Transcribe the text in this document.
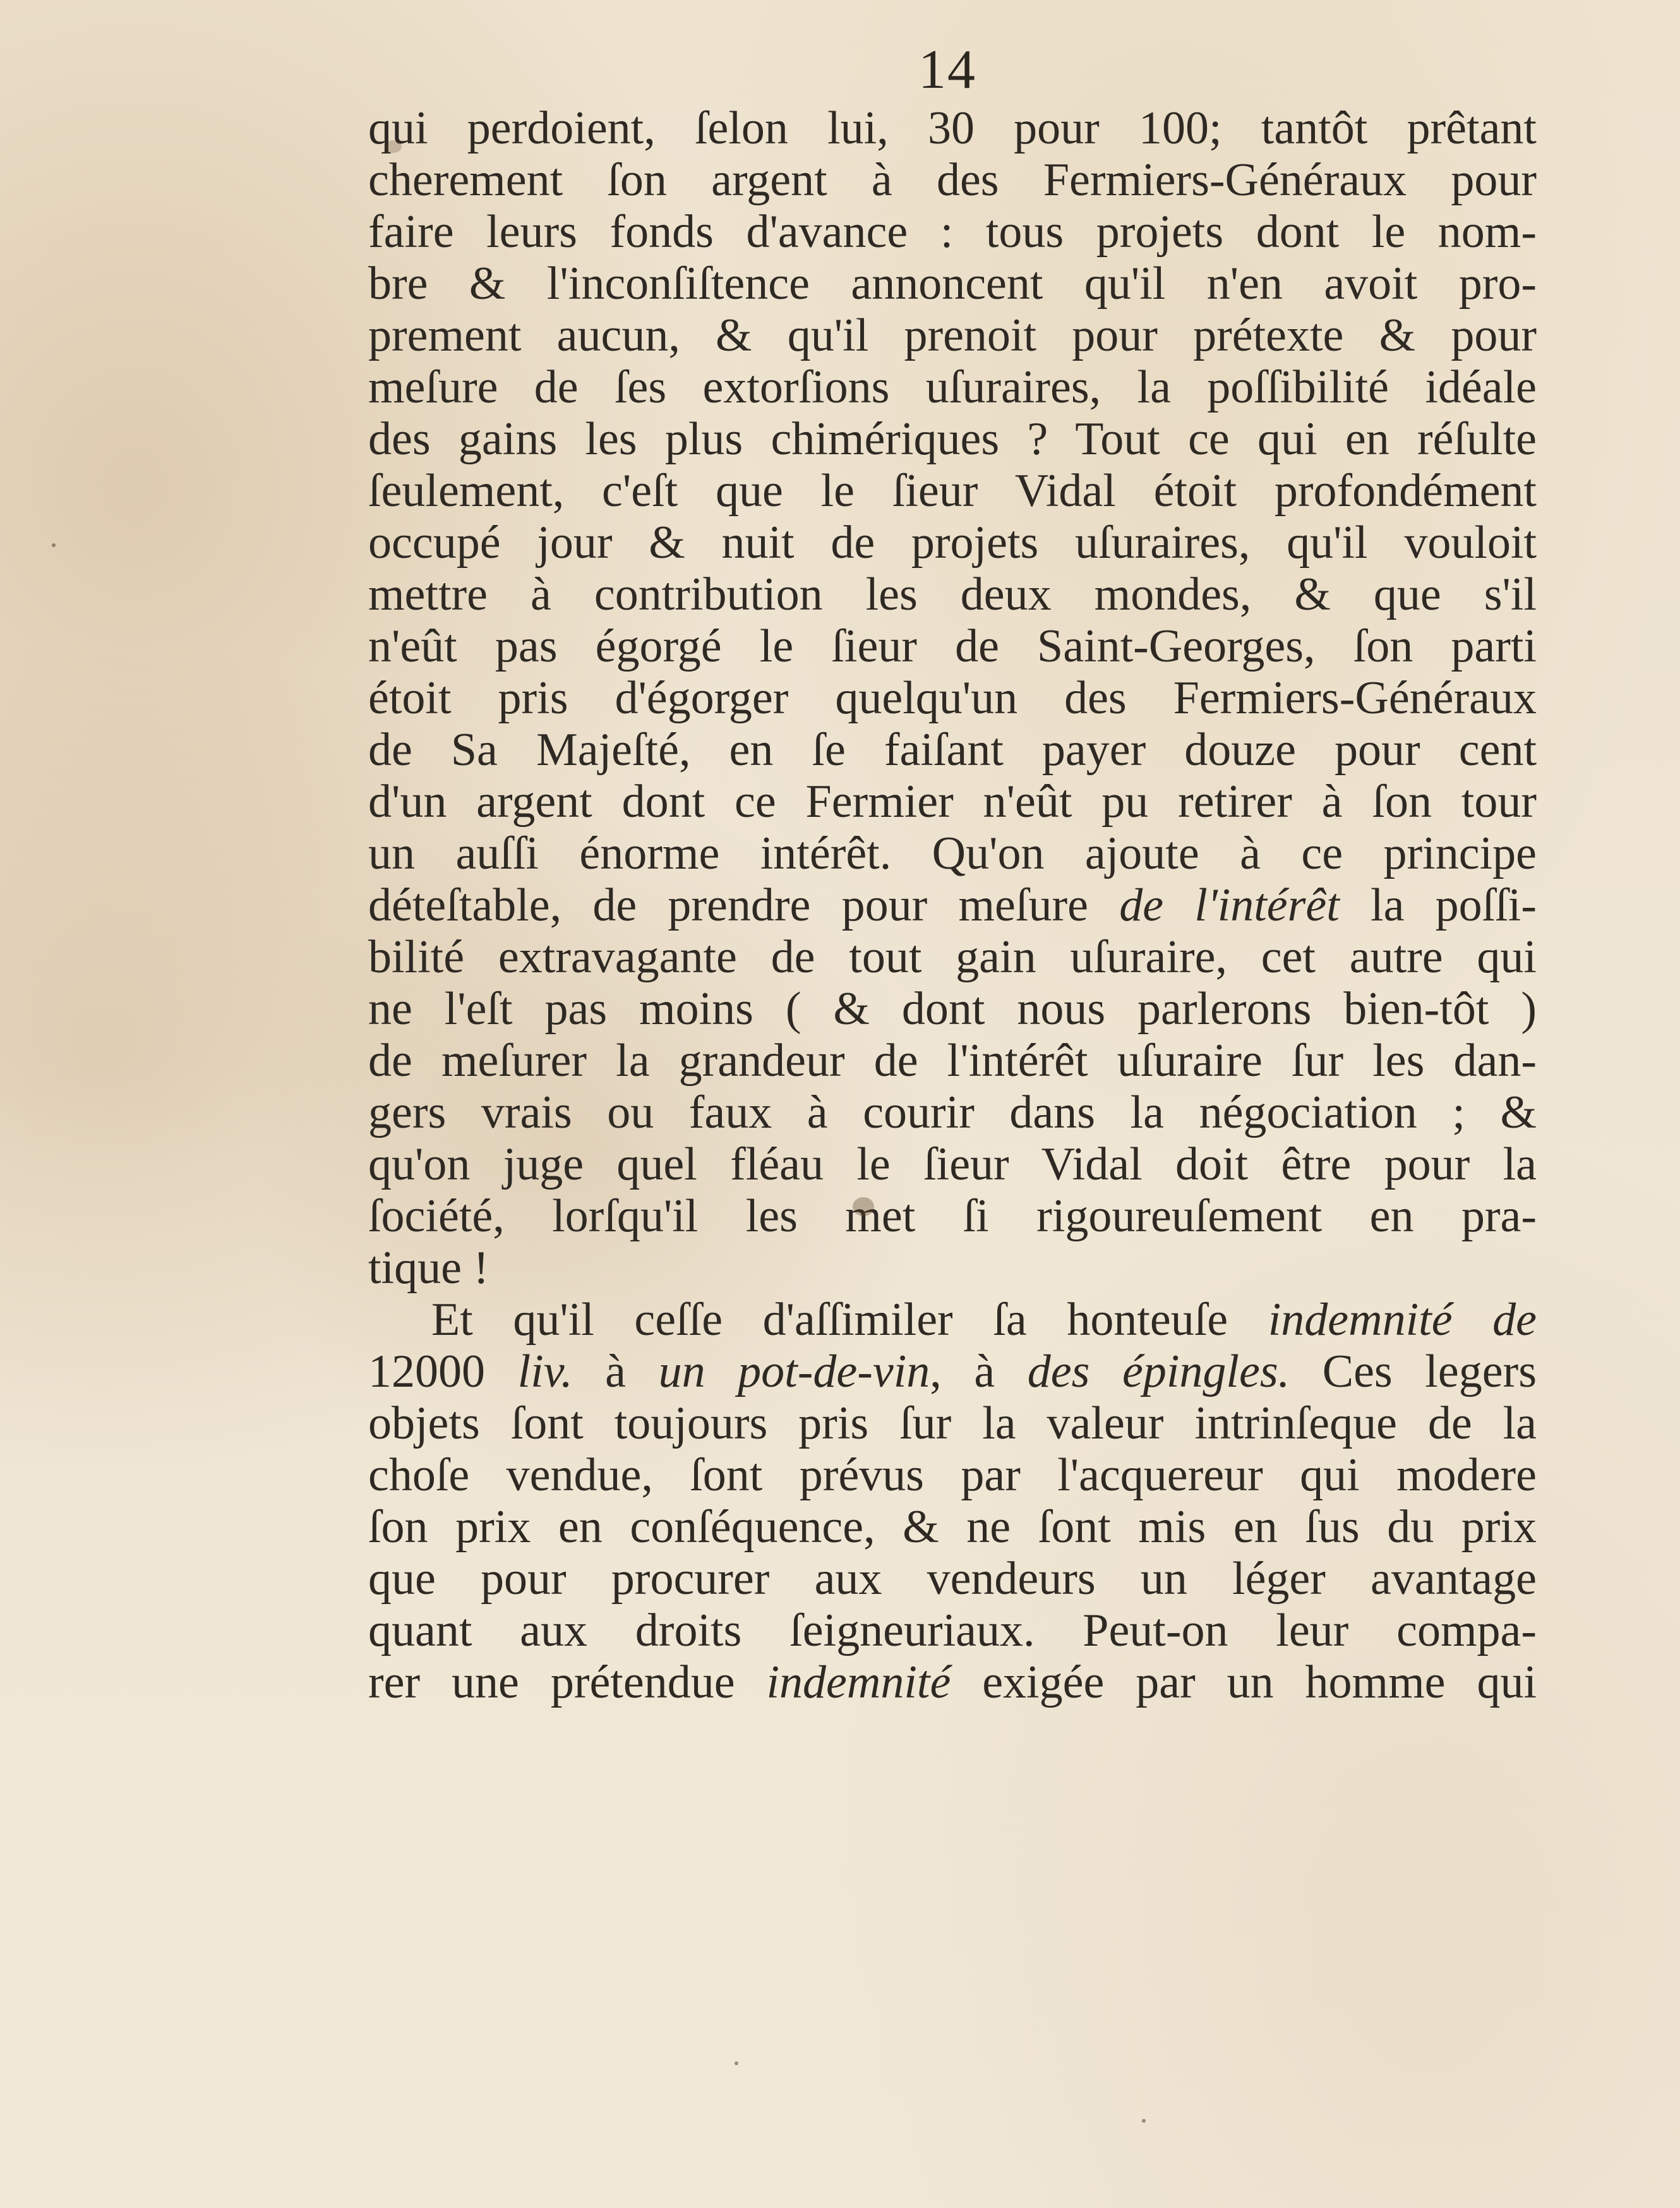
14
qui perdoient, ſelon lui, 30 pour 100; tantôt prêtant
cherement ſon argent à des Fermiers-Généraux pour
faire leurs fonds d'avance : tous projets dont le nom-
bre & l'inconſiſtence annoncent qu'il n'en avoit pro-
prement aucun, & qu'il prenoit pour prétexte & pour
meſure de ſes extorſions uſuraires, la poſſibilité idéale
des gains les plus chimériques ? Tout ce qui en réſulte
ſeulement, c'eſt que le ſieur Vidal étoit profondément
occupé jour & nuit de projets uſuraires, qu'il vouloit
mettre à contribution les deux mondes, & que s'il
n'eût pas égorgé le ſieur de Saint-Georges, ſon parti
étoit pris d'égorger quelqu'un des Fermiers-Généraux
de Sa Majeſté, en ſe faiſant payer douze pour cent
d'un argent dont ce Fermier n'eût pu retirer à ſon tour
un auſſi énorme intérêt. Qu'on ajoute à ce principe
déteſtable, de prendre pour meſure de l'intérêt la poſſi-
bilité extravagante de tout gain uſuraire, cet autre qui
ne l'eſt pas moins ( & dont nous parlerons bien-tôt )
de meſurer la grandeur de l'intérêt uſuraire ſur les dan-
gers vrais ou faux à courir dans la négociation ; &
qu'on juge quel fléau le ſieur Vidal doit être pour la
ſociété, lorſqu'il les met ſi rigoureuſement en pra-
tique !
Et qu'il ceſſe d'aſſimiler ſa honteuſe indemnité de
12000 liv. à un pot-de-vin, à des épingles. Ces legers
objets ſont toujours pris ſur la valeur intrinſeque de la
choſe vendue, ſont prévus par l'acquereur qui modere
ſon prix en conſéquence, & ne ſont mis en ſus du prix
que pour procurer aux vendeurs un léger avantage
quant aux droits ſeigneuriaux. Peut-on leur compa-
rer une prétendue indemnité exigée par un homme qui
